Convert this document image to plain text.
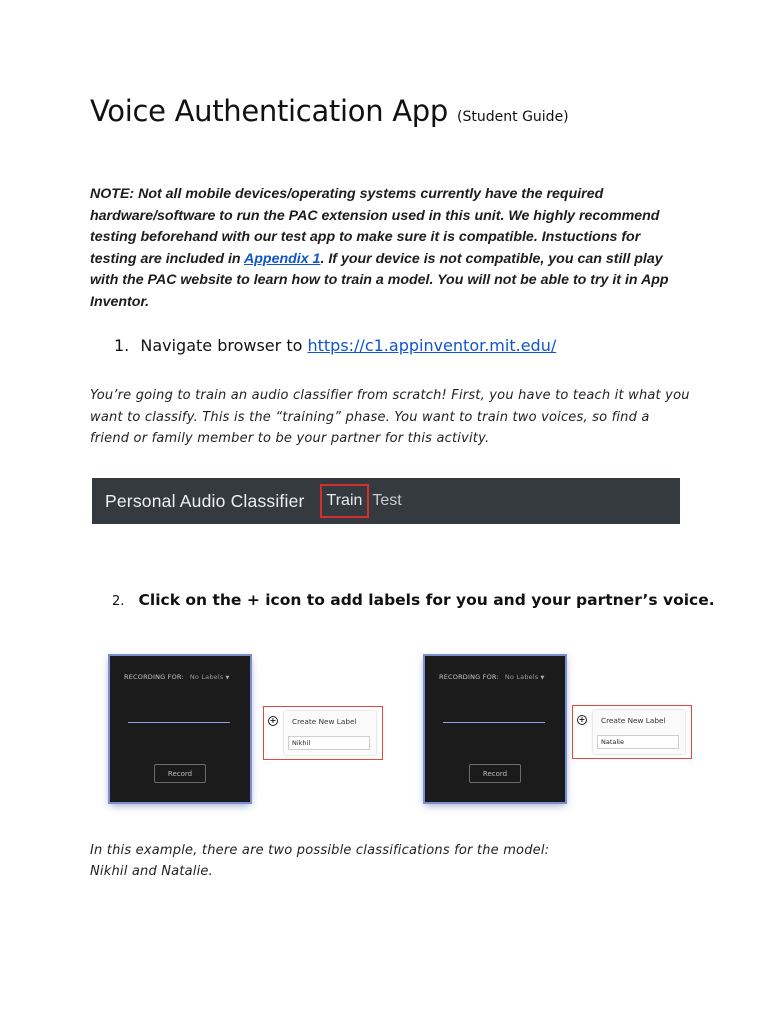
Voice Authentication App (Student Guide)
NOTE: Not all mobile devices/operating systems currently have the required hardware/software to run the PAC extension used in this unit. We highly recommend testing beforehand with our test app to make sure it is compatible. Instuctions for testing are included in Appendix 1. If your device is not compatible, you can still play with the PAC website to learn how to train a model. You will not be able to try it in App Inventor.
1. Navigate browser to https://c1.appinventor.mit.edu/

You’re going to train an audio classifier from scratch! First, you have to teach it what you want to classify. This is the “training” phase. You want to train two voices, so find a friend or family member to be your partner for this activity.

Personal Audio Classifier	Train Test
2. Click on the + icon to add labels for you and your partner’s voice.
RECORDING FOR: No Labels ▼
Record
+ Create New Label
Nikhil
RECORDING FOR: No Labels ▼
Record
+ Create New Label
Natalie
In this example, there are two possible classifications for the model:
Nikhil and Natalie.
